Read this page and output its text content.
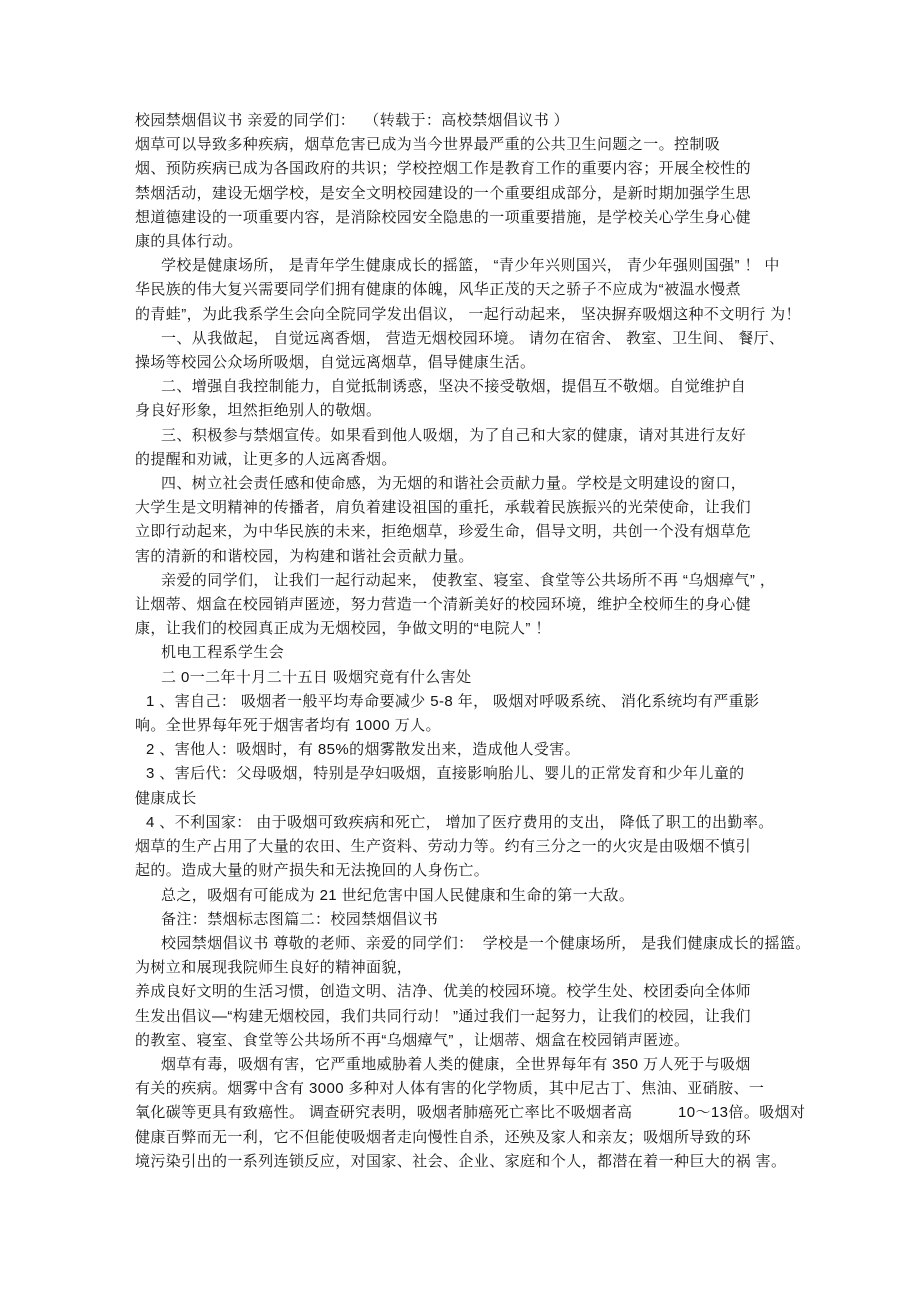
校园禁烟倡议书 亲爱的同学们：  （转载于：高校禁烟倡议书 ）
烟草可以导致多种疾病，烟草危害已成为当今世界最严重的公共卫生问题之一。控制吸
烟、预防疾病已成为各国政府的共识；学校控烟工作是教育工作的重要内容；开展全校性的
禁烟活动，建设无烟学校，是安全文明校园建设的一个重要组成部分，是新时期加强学生思
想道德建设的一项重要内容，是消除校园安全隐患的一项重要措施，是学校关心学生身心健
康的具体行动。
学校是健康场所， 是青年学生健康成长的摇篮， “青少年兴则国兴， 青少年强则国强” ！ 中
华民族的伟大复兴需要同学们拥有健康的体魄，风华正茂的天之骄子不应成为“被温水慢煮
的青蛙”，为此我系学生会向全院同学发出倡议， 一起行动起来， 坚决摒弃吸烟这种不文明行 为！
一、从我做起， 自觉远离香烟， 营造无烟校园环境。 请勿在宿舍、 教室、卫生间、 餐厅、
操场等校园公众场所吸烟，自觉远离烟草，倡导健康生活。
二、增强自我控制能力，自觉抵制诱惑，坚决不接受敬烟，提倡互不敬烟。自觉维护自
身良好形象，坦然拒绝别人的敬烟。
三、积极参与禁烟宣传。如果看到他人吸烟，为了自己和大家的健康，请对其进行友好
的提醒和劝诫，让更多的人远离香烟。
四、树立社会责任感和使命感，为无烟的和谐社会贡献力量。学校是文明建设的窗口，
大学生是文明精神的传播者，肩负着建设祖国的重托，承载着民族振兴的光荣使命，让我们
立即行动起来，为中华民族的未来，拒绝烟草，珍爱生命，倡导文明，共创一个没有烟草危
害的清新的和谐校园，为构建和谐社会贡献力量。
亲爱的同学们， 让我们一起行动起来， 使教室、寝室、食堂等公共场所不再 “乌烟瘴气” ，
让烟蒂、烟盒在校园销声匿迹，努力营造一个清新美好的校园环境，维护全校师生的身心健
康，让我们的校园真正成为无烟校园，争做文明的“电院人” ！
机电工程系学生会
二 0一二年十月二十五日 吸烟究竟有什么害处
1 、害自己： 吸烟者一般平均寿命要减少 5-8 年， 吸烟对呼吸系统、 消化系统均有严重影
响。全世界每年死于烟害者均有 1000 万人。
2 、害他人：吸烟时，有 85%的烟雾散发出来，造成他人受害。
3 、害后代：父母吸烟，特别是孕妇吸烟，直接影响胎儿、婴儿的正常发育和少年儿童的
健康成长
4 、不利国家： 由于吸烟可致疾病和死亡， 增加了医疗费用的支出， 降低了职工的出勤率。
烟草的生产占用了大量的农田、生产资料、劳动力等。约有三分之一的火灾是由吸烟不慎引
起的。造成大量的财产损失和无法挽回的人身伤亡。
总之，吸烟有可能成为 21 世纪危害中国人民健康和生命的第一大敌。
备注：禁烟标志图篇二：校园禁烟倡议书
校园禁烟倡议书 尊敬的老师、亲爱的同学们：  学校是一个健康场所， 是我们健康成长的摇篮。
为树立和展现我院师生良好的精神面貌，
养成良好文明的生活习惯，创造文明、洁净、优美的校园环境。校学生处、校团委向全体师
生发出倡议—“构建无烟校园，我们共同行动！ ”通过我们一起努力，让我们的校园，让我们
的教室、寝室、食堂等公共场所不再“乌烟瘴气” ，让烟蒂、烟盒在校园销声匿迹。
烟草有毒，吸烟有害，它严重地威胁着人类的健康，全世界每年有 350 万人死于与吸烟
有关的疾病。烟雾中含有 3000 多种对人体有害的化学物质，其中尼古丁、焦油、亚硝胺、一
氧化碳等更具有致癌性。 调查研究表明，吸烟者肺癌死亡率比不吸烟者高          10～13倍。吸烟对
健康百弊而无一利，它不但能使吸烟者走向慢性自杀，还殃及家人和亲友；吸烟所导致的环
境污染引出的一系列连锁反应，对国家、社会、企业、家庭和个人，都潜在着一种巨大的祸 害。
